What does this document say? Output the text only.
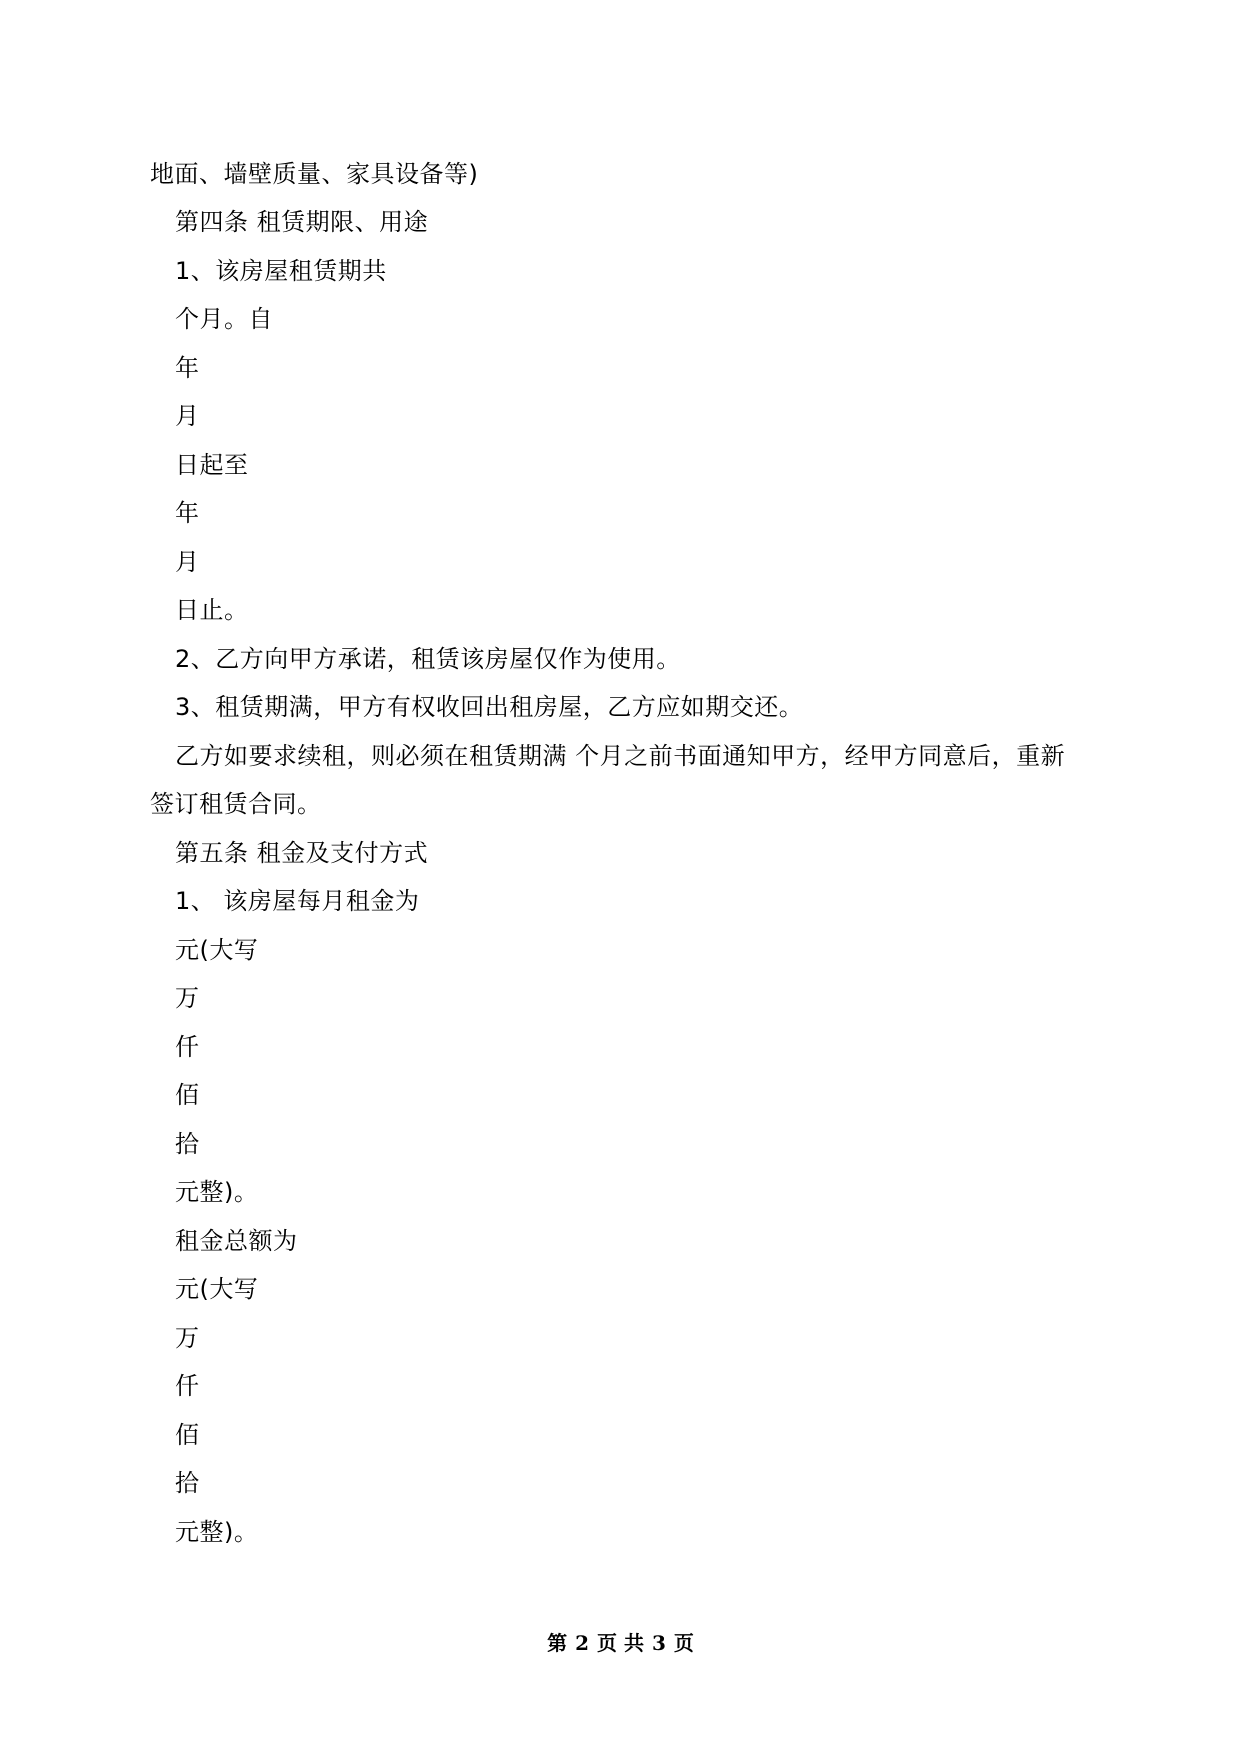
地面、墙壁质量、家具设备等)
第四条 租赁期限、用途
1、该房屋租赁期共
个月。自
年
月
日起至
年
月
日止。
2、乙方向甲方承诺，租赁该房屋仅作为使用。
3、租赁期满，甲方有权收回出租房屋，乙方应如期交还。
乙方如要求续租，则必须在租赁期满 个月之前书面通知甲方，经甲方同意后，重新
签订租赁合同。
第五条 租金及支付方式
1、 该房屋每月租金为
元(大写
万
仟
佰
拾
元整)。
租金总额为
元(大写
万
仟
佰
拾
元整)。
第 2 页 共 3 页
